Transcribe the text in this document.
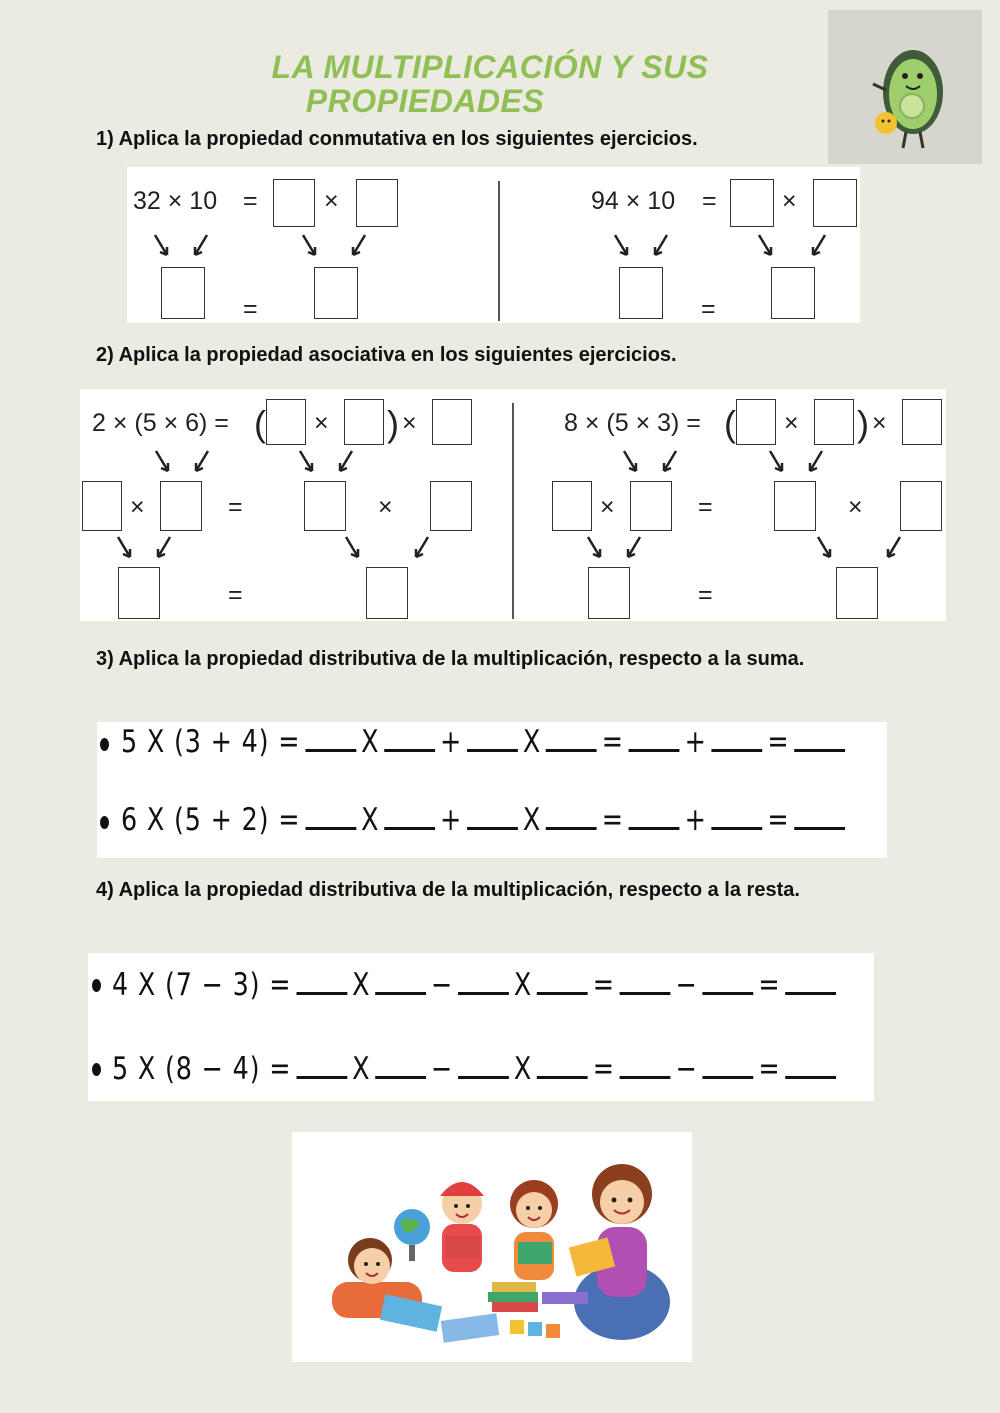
LA MULTIPLICACIÓN Y SUS
PROPIEDADES
1) Aplica la propiedad conmutativa en los siguientes ejercicios.
32 × 10 =	×
=
94 × 10 =	×
=
2) Aplica la propiedad asociativa en los siguientes ejercicios.
2 × (5 × 6) = ( × ) ×
×	=	×
=
8 × (5 × 3) = ( × ) ×
×	=	×
=
3) Aplica la propiedad distributiva de la multiplicación, respecto a la suma.
5 X (3 + 4) = X + X = + =
6 X (5 + 2) = X + X = + =
4) Aplica la propiedad distributiva de la multiplicación, respecto a la resta.
4 X (7 − 3) = X − X = − =
5 X (8 − 4) = X − X = − =
